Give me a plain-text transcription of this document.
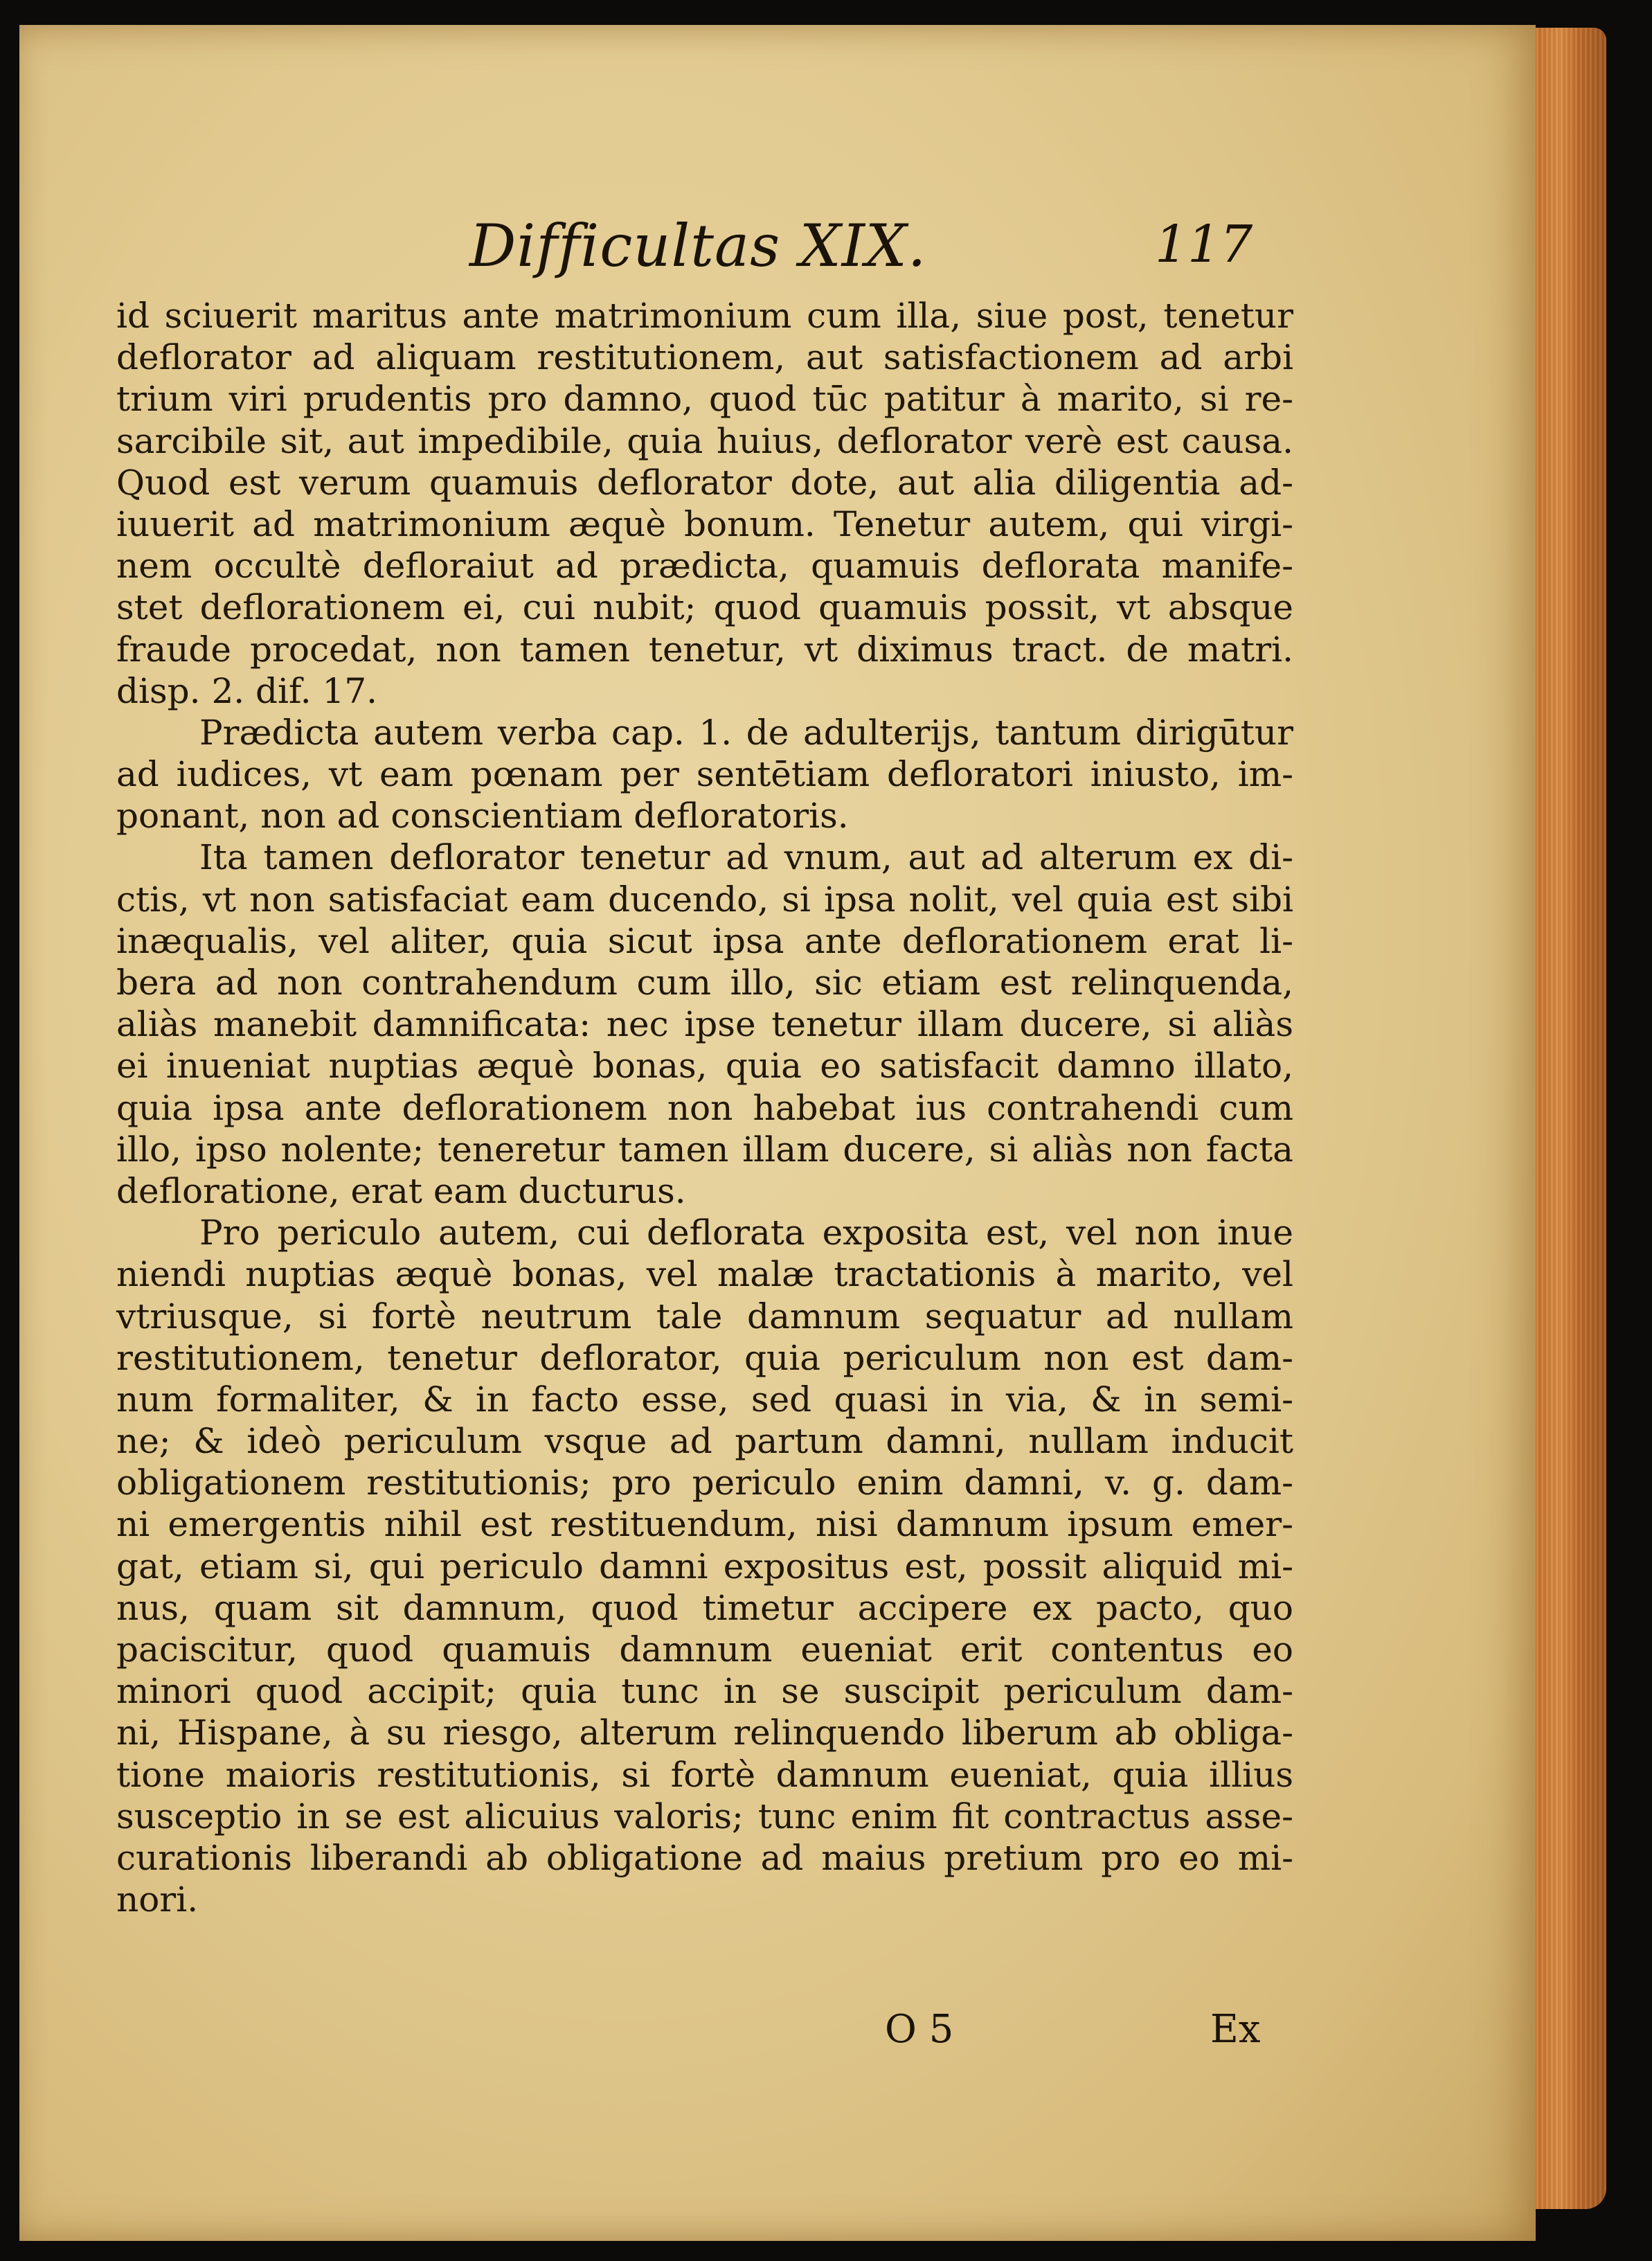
Difficultas XIX.	117
id sciuerit maritus ante matrimonium cum illa, siue post, tenetur
deflorator ad aliquam restitutionem, aut satisfactionem ad arbi
trium viri prudentis pro damno, quod tūc patitur à marito, si re-
sarcibile sit, aut impedibile, quia huius, deflorator verè est causa.
Quod est verum quamuis deflorator dote, aut alia diligentia ad-
iuuerit ad matrimonium æquè bonum. Tenetur autem, qui virgi-
nem occultè defloraiut ad prædicta, quamuis deflorata manife-
stet deflorationem ei, cui nubit; quod quamuis possit, vt absque
fraude procedat, non tamen tenetur, vt diximus tract. de matri.
disp. 2. dif. 17.
Prædicta autem verba cap. 1. de adulterijs, tantum dirigūtur
ad iudices, vt eam pœnam per sentētiam defloratori iniusto, im-
ponant, non ad conscientiam defloratoris.
Ita tamen deflorator tenetur ad vnum, aut ad alterum ex di-
ctis, vt non satisfaciat eam ducendo, si ipsa nolit, vel quia est sibi
inæqualis, vel aliter, quia sicut ipsa ante deflorationem erat li-
bera ad non contrahendum cum illo, sic etiam est relinquenda,
aliàs manebit damnificata: nec ipse tenetur illam ducere, si aliàs
ei inueniat nuptias æquè bonas, quia eo satisfacit damno illato,
quia ipsa ante deflorationem non habebat ius contrahendi cum
illo, ipso nolente; teneretur tamen illam ducere, si aliàs non facta
defloratione, erat eam ducturus.
Pro periculo autem, cui deflorata exposita est, vel non inue
niendi nuptias æquè bonas, vel malæ tractationis à marito, vel
vtriusque, si fortè neutrum tale damnum sequatur ad nullam
restitutionem, tenetur deflorator, quia periculum non est dam-
num formaliter, & in facto esse, sed quasi in via, & in semi-
ne; & ideò periculum vsque ad partum damni, nullam inducit
obligationem restitutionis; pro periculo enim damni, v. g. dam-
ni emergentis nihil est restituendum, nisi damnum ipsum emer-
gat, etiam si, qui periculo damni expositus est, possit aliquid mi-
nus, quam sit damnum, quod timetur accipere ex pacto, quo
paciscitur, quod quamuis damnum eueniat erit contentus eo
minori quod accipit; quia tunc in se suscipit periculum dam-
ni, Hispane, à su riesgo, alterum relinquendo liberum ab obliga-
tione maioris restitutionis, si fortè damnum eueniat, quia illius
susceptio in se est alicuius valoris; tunc enim fit contractus asse-
curationis liberandi ab obligatione ad maius pretium pro eo mi-
nori.
O 5	Ex
